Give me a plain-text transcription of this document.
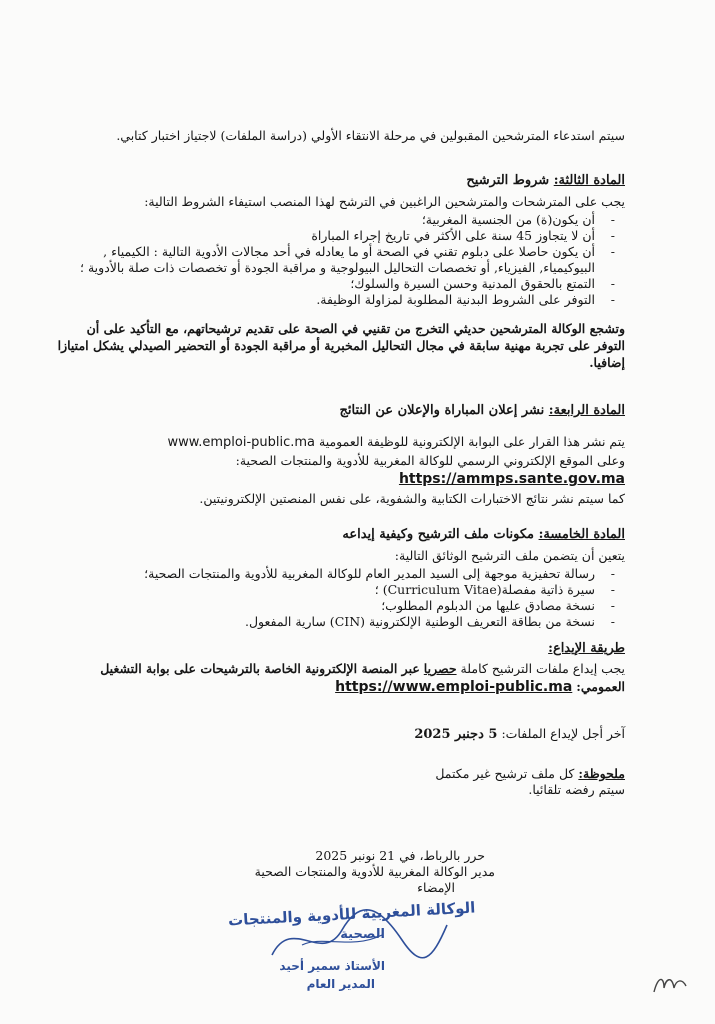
سيتم استدعاء المترشحين المقبولين في مرحلة الانتقاء الأولي (دراسة الملفات) لاجتياز اختبار كتابي.

المادة الثالثة: شروط الترشيح

يجب على المترشحات والمترشحين الراغبين في الترشح لهذا المنصب استيفاء الشروط التالية:

- أن يكون(ة) من الجنسية المغربية؛
- أن لا يتجاوز 45 سنة على الأكثر في تاريخ إجراء المباراة
- أن يكون حاصلا على دبلوم تقني في الصحة أو ما يعادله في أحد مجالات الأدوية التالية : الكيمياء , البيوكيمياء, الفيزياء, أو تخصصات التحاليل البيولوجية و مراقبة الجودة أو تخصصات ذات صلة بالأدوية ؛
- التمتع بالحقوق المدنية وحسن السيرة والسلوك؛
- التوفر على الشروط البدنية المطلوبة لمزاولة الوظيفة.

وتشجع الوكالة المترشحين حديثي التخرج من تقنيي في الصحة على تقديم ترشيحاتهم، مع التأكيد على أن التوفر على تجربة مهنية سابقة في مجال التحاليل المخبرية أو مراقبة الجودة أو التحضير الصيدلي يشكل امتيازا إضافيا.

المادة الرابعة: نشر إعلان المباراة والإعلان عن النتائج

يتم نشر هذا القرار على البوابة الإلكترونية للوظيفة العمومية www.emploi-public.ma

وعلى الموقع الإلكتروني الرسمي للوكالة المغربية للأدوية والمنتجات الصحية:

https://ammps.sante.gov.ma

كما سيتم نشر نتائج الاختبارات الكتابية والشفوية، على نفس المنصتين الإلكترونيتين.

المادة الخامسة: مكونات ملف الترشيح وكيفية إيداعه

يتعين أن يتضمن ملف الترشيح الوثائق التالية:

- رسالة تحفيزية موجهة إلى السيد المدير العام للوكالة المغربية للأدوية والمنتجات الصحية؛
- سيرة ذاتية مفصلة(Curriculum Vitae) ؛
- نسخة مصادق عليها من الدبلوم المطلوب؛
- نسخة من بطاقة التعريف الوطنية الإلكترونية (CIN) سارية المفعول.

طريقة الإيداع:

يجب إيداع ملفات الترشيح كاملة حصريا عبر المنصة الإلكترونية الخاصة بالترشيحات على بوابة التشغيل العمومي: https://www.emploi-public.ma

آخر أجل لإيداع الملفات: 5 دجنبر 2025

ملحوظة: كل ملف ترشيح غير مكتمل

سيتم رفضه تلقائيا.

حرر بالرباط، في 21 نونبر 2025

مدير الوكالة المغربية للأدوية والمنتجات الصحية

الإمضاء

الوكالة المغربية للأدوية والمنتجات
الصحية
الأستاذ سمير أحيد
المدير العام
